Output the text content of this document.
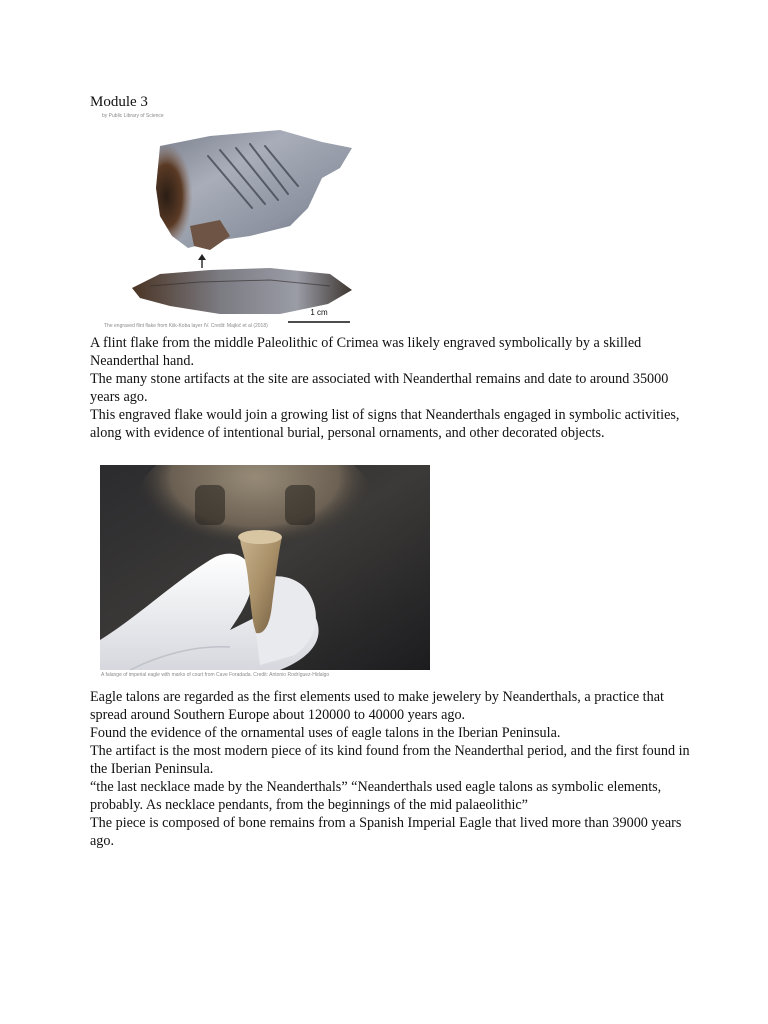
Module 3
1 cm
by Public Library of Science
The engraved flint flake from Kiik-Koba layer IV. Credit: Majkić et al (2018)

A flint flake from the middle Paleolithic of Crimea was likely engraved symbolically by a skilled Neanderthal hand.

The many stone artifacts at the site are associated with Neanderthal remains and date to around 35000 years ago.

This engraved flake would join a growing list of signs that Neanderthals engaged in symbolic activities, along with evidence of intentional burial, personal ornaments, and other decorated objects.

A falange of imperial eagle with marks of court from Cave Foradada. Credit: Antonio Rodríguez-Hidalgo

Eagle talons are regarded as the first elements used to make jewelery by Neanderthals, a practice that spread around Southern Europe about 120000 to 40000 years ago.

Found the evidence of the ornamental uses of eagle talons in the Iberian Peninsula.

The artifact is the most modern piece of its kind found from the Neanderthal period, and the first found in the Iberian Peninsula.

“the last necklace made by the Neanderthals” “Neanderthals used eagle talons as symbolic elements, probably. As necklace pendants, from the beginnings of the mid palaeolithic”

The piece is composed of bone remains from a Spanish Imperial Eagle that lived more than 39000 years ago.
